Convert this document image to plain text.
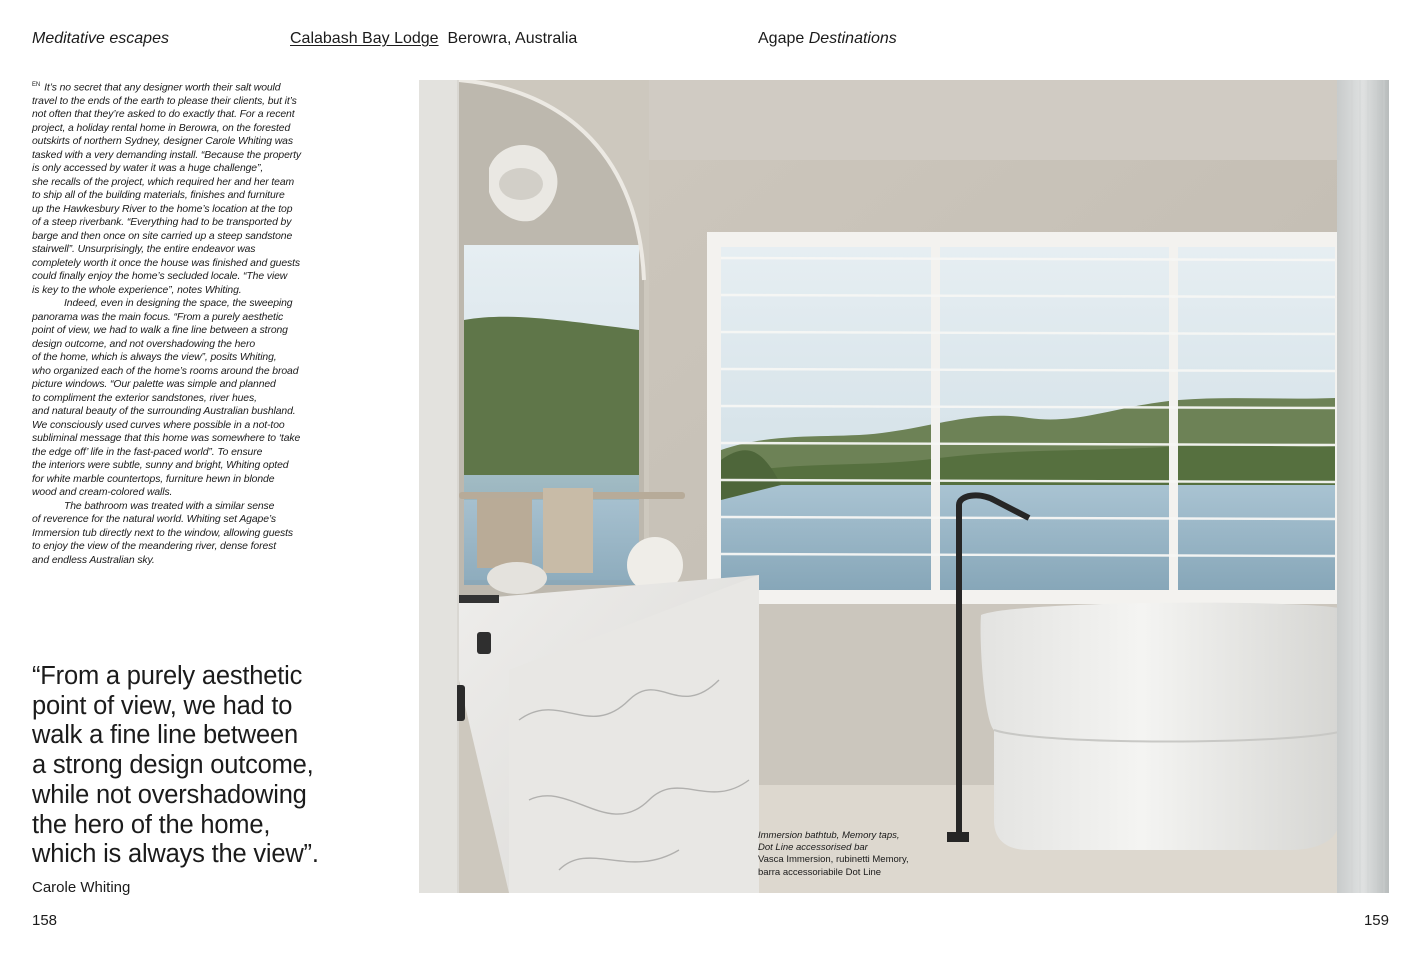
Meditative escapes	Calabash Bay Lodge Berowra, Australia	Agape Destinations

$^{EN}$ It’s no secret that any designer worth their salt would
travel to the ends of the earth to please their clients, but it’s
not often that they’re asked to do exactly that. For a recent
project, a holiday rental home in Berowra, on the forested
outskirts of northern Sydney, designer Carole Whiting was
tasked with a very demanding install. “Because the property
is only accessed by water it was a huge challenge”,
she recalls of the project, which required her and her team
to ship all of the building materials, finishes and furniture
up the Hawkesbury River to the home’s location at the top
of a steep riverbank. “Everything had to be transported by
barge and then once on site carried up a steep sandstone
stairwell”. Unsurprisingly, the entire endeavor was
completely worth it once the house was finished and guests
could finally enjoy the home’s secluded locale. “The view
is key to the whole experience”, notes Whiting.

Indeed, even in designing the space, the sweeping
panorama was the main focus. “From a purely aesthetic
point of view, we had to walk a fine line between a strong
design outcome, and not overshadowing the hero
of the home, which is always the view”, posits Whiting,
who organized each of the home’s rooms around the broad
picture windows. “Our palette was simple and planned
to compliment the exterior sandstones, river hues,
and natural beauty of the surrounding Australian bushland.
We consciously used curves where possible in a not-too
subliminal message that this home was somewhere to ‘take
the edge off’ life in the fast-paced world”. To ensure
the interiors were subtle, sunny and bright, Whiting opted
for white marble countertops, furniture hewn in blonde
wood and cream-colored walls.

The bathroom was treated with a similar sense
of reverence for the natural world. Whiting set Agape’s
Immersion tub directly next to the window, allowing guests
to enjoy the view of the meandering river, dense forest
and endless Australian sky.

“From a purely aesthetic
point of view, we had to
walk a fine line between
a strong design outcome,
while not overshadowing
the hero of the home,
which is always the view”.
Carole Whiting
158	159
Immersion bathtub, Memory taps,
Dot Line accessorised bar
Vasca Immersion, rubinetti Memory,
barra accessoriabile Dot Line
